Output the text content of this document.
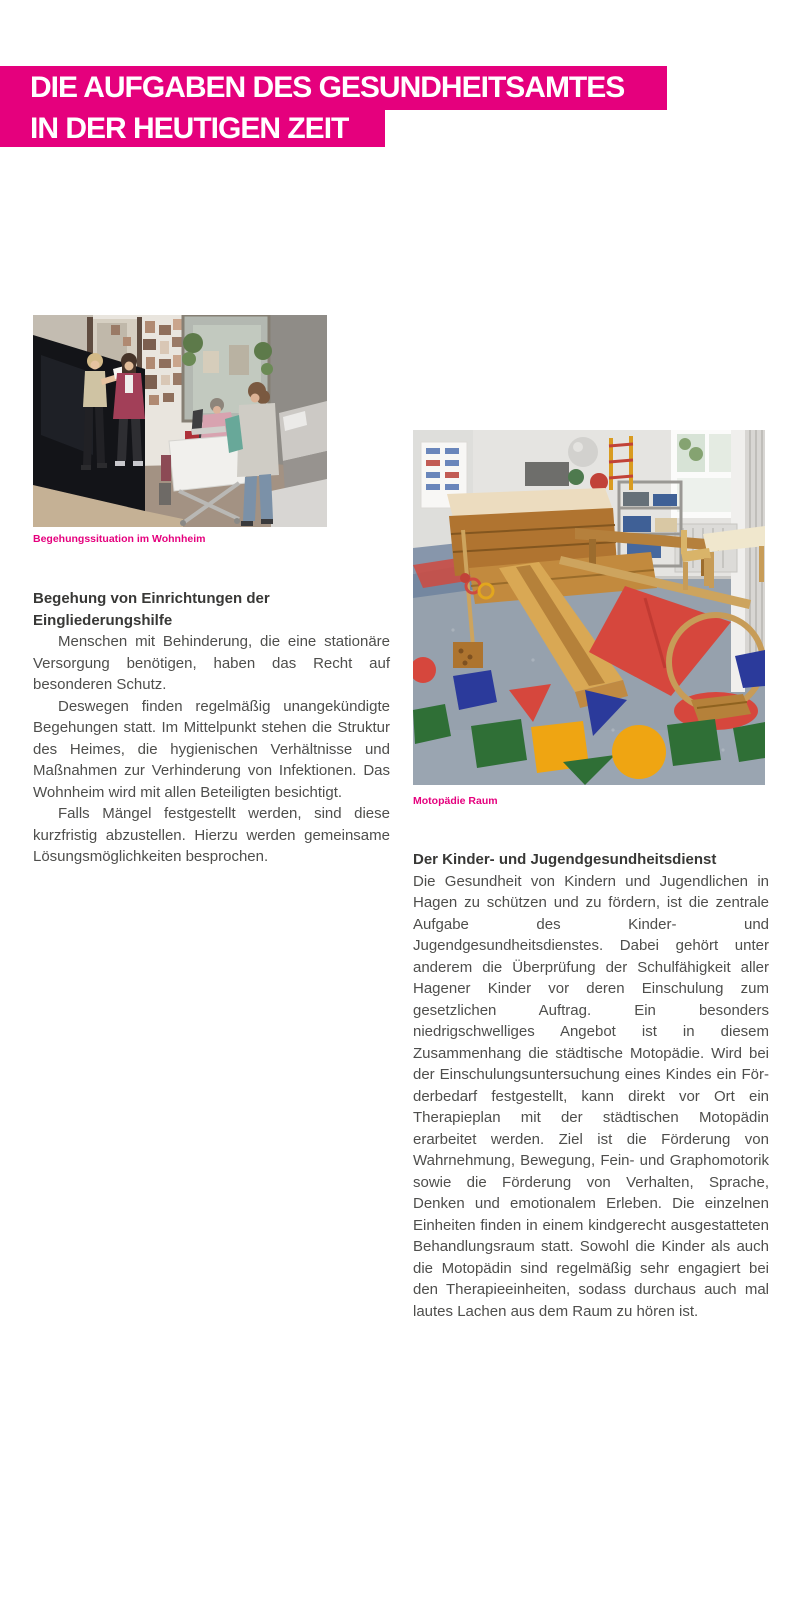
DIE AUFGABEN DES GESUNDHEITSAMTES
IN DER HEUTIGEN ZEIT
Begehungssituation im Wohnheim
Begehung von Einrichtungen der Eingliederungshilfe

Menschen mit Behinderung, die eine stationäre Versorgung benötigen, haben das Recht auf besonderen Schutz.

Deswegen finden regelmäßig unangekündigte Begehungen statt. Im Mittelpunkt stehen die Struktur des Heimes, die hygienischen Verhältnisse und Maßnahmen zur Verhinderung von Infektionen. Das Wohnheim wird mit allen Beteiligten besichtigt.

Falls Mängel festgestellt werden, sind diese kurzfristig abzustellen. Hierzu werden gemeinsame Lösungsmöglichkeiten besprochen.

Motopädie Raum
Der Kinder- und Jugendgesundheitsdienst

Die Gesundheit von Kindern und Jugendlichen in Hagen zu schützen und zu fördern, ist die zentrale Aufgabe des Kinder- und Jugendgesundheitsdienstes. Dabei gehört unter anderem die Überprüfung der Schulfähigkeit aller Hagener Kinder vor deren Einschulung zum gesetzlichen Auftrag. Ein besonders niedrigschwelliges Angebot ist in diesem Zusammenhang die städtische Motopädie. Wird bei der Einschulungsuntersuchung eines Kindes ein Förderbedarf festgestellt, kann direkt vor Ort ein Therapieplan mit der städtischen Motopädin erarbeitet werden. Ziel ist die Förderung von Wahrnehmung, Bewegung, Fein- und Graphomotorik sowie die Förderung von Verhalten, Sprache, Denken und emotionalem Erleben. Die einzelnen Einheiten finden in einem kindgerecht ausgestatteten Behandlungsraum statt. Sowohl die Kinder als auch die Motopädin sind regelmäßig sehr engagiert bei den Therapieeinheiten, sodass durchaus auch mal lautes Lachen aus dem Raum zu hören ist.
